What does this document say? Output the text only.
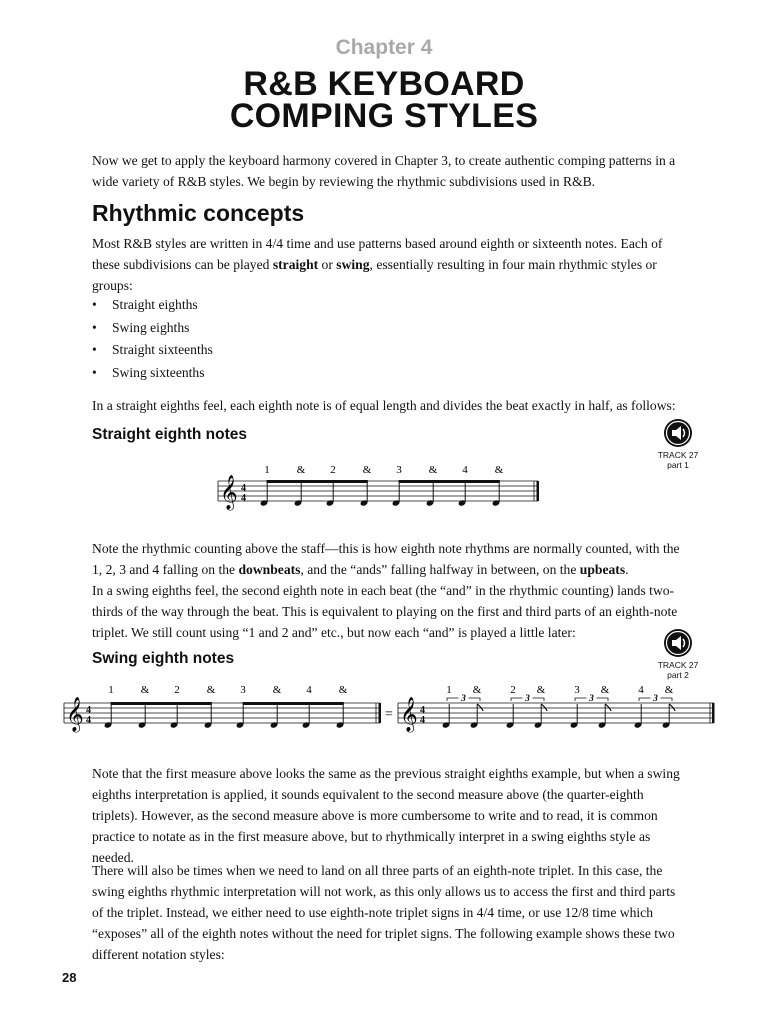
Chapter 4
R&B KEYBOARD
COMPING STYLES
Now we get to apply the keyboard harmony covered in Chapter 3, to create authentic comping patterns in a wide variety of R&B styles. We begin by reviewing the rhythmic subdivisions used in R&B.
Rhythmic concepts
Most R&B styles are written in 4/4 time and use patterns based around eighth or sixteenth notes. Each of these subdivisions can be played straight or swing, essentially resulting in four main rhythmic styles or groups:
• Straight eighths
• Swing eighths
• Straight sixteenths
• Swing sixteenths
In a straight eighths feel, each eighth note is of equal length and divides the beat exactly in half, as follows:
Straight eighth notes
TRACK 27
part 1
1 & 2 & 3 & 4 &
𝄞 4
4
Note the rhythmic counting above the staff—this is how eighth note rhythms are normally counted, with the 1, 2, 3 and 4 falling on the downbeats, and the “ands” falling halfway in between, on the upbeats.
In a swing eighths feel, the second eighth note in each beat (the “and” in the rhythmic counting) lands two-thirds of the way through the beat. This is equivalent to playing on the first and third parts of an eighth-note triplet. We still count using “1 and 2 and” etc., but now each “and” is played a little later:
Swing eighth notes	TRACK 27
part 2
1 & 2 & 3 & 4 &	1 &	2 &	3 &	4 &
𝄞 4
4	= 𝄞 4
4
3	3	3	3
Note that the first measure above looks the same as the previous straight eighths example, but when a swing eighths interpretation is applied, it sounds equivalent to the second measure above (the quarter-eighth triplets). However, as the second measure above is more cumbersome to write and to read, it is common practice to notate as in the first measure above, but to rhythmically interpret in a swing eighths style as needed.
There will also be times when we need to land on all three parts of an eighth-note triplet. In this case, the swing eighths rhythmic interpretation will not work, as this only allows us to access the first and third parts of the triplet. Instead, we either need to use eighth-note triplet signs in 4/4 time, or use 12/8 time which “exposes” all of the eighth notes without the need for triplet signs. The following example shows these two different notation styles:
28
